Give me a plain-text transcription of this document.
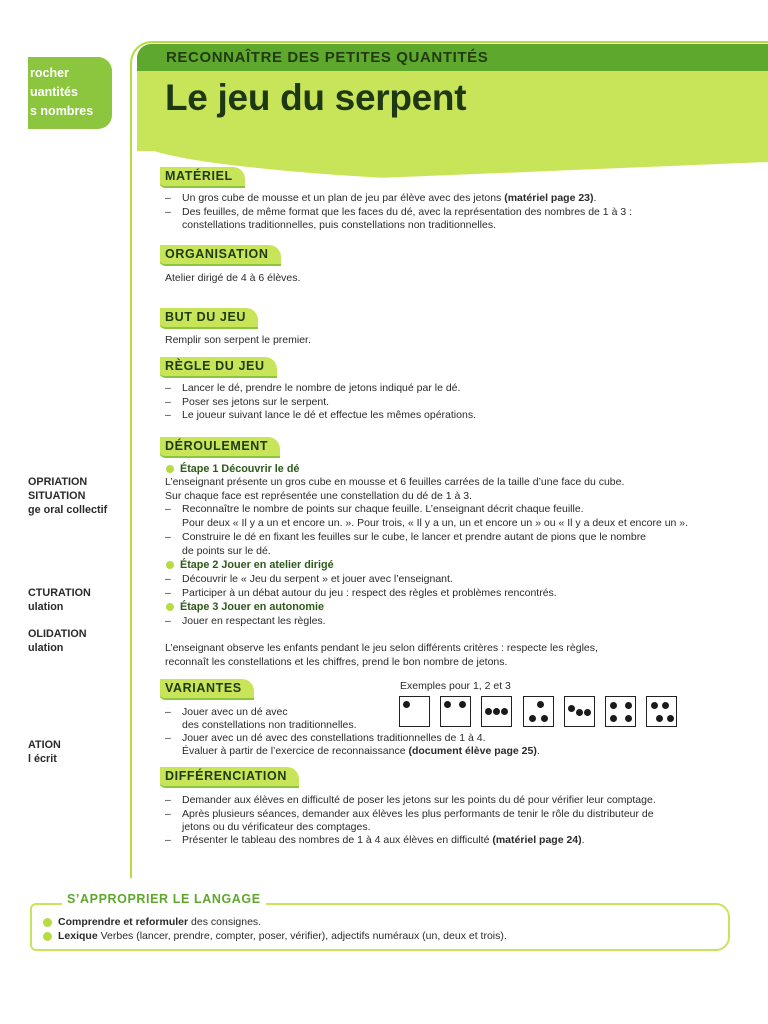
rocher
uantités
s nombres
RECONNAÎTRE DES PETITES QUANTITÉS
Le jeu du serpent
MATÉRIEL
– Un gros cube de mousse et un plan de jeu par élève avec des jetons (matériel page 23).
– Des feuilles, de même format que les faces du dé, avec la représentation des nombres de 1 à 3 :
constellations traditionnelles, puis constellations non traditionnelles.
ORGANISATION
Atelier dirigé de 4 à 6 élèves.
BUT DU JEU
Remplir son serpent le premier.
RÈGLE DU JEU
– Lancer le dé, prendre le nombre de jetons indiqué par le dé.
– Poser ses jetons sur le serpent.
– Le joueur suivant lance le dé et effectue les mêmes opérations.
DÉROULEMENT
Étape 1 Découvrir le dé
L’enseignant présente un gros cube en mousse et 6 feuilles carrées de la taille d’une face du cube.
Sur chaque face est représentée une constellation du dé de 1 à 3.
– Reconnaître le nombre de points sur chaque feuille. L’enseignant décrit chaque feuille.
Pour deux « Il y a un et encore un. ». Pour trois, « Il y a un, un et encore un » ou « Il y a deux et encore un ».
– Construire le dé en fixant les feuilles sur le cube, le lancer et prendre autant de pions que le nombre
de points sur le dé.
Étape 2 Jouer en atelier dirigé
– Découvrir le « Jeu du serpent » et jouer avec l’enseignant.
– Participer à un débat autour du jeu : respect des règles et problèmes rencontrés.
Étape 3 Jouer en autonomie
– Jouer en respectant les règles.
L’enseignant observe les enfants pendant le jeu selon différents critères : respecte les règles,
reconnaît les constellations et les chiffres, prend le bon nombre de jetons.
VARIANTES	Exemples pour 1, 2 et 3
– Jouer avec un dé avec
des constellations non traditionnelles.
– Jouer avec un dé avec des constellations traditionnelles de 1 à 4.
Évaluer à partir de l’exercice de reconnaissance (document élève page 25).
DIFFÉRENCIATION
– Demander aux élèves en difficulté de poser les jetons sur les points du dé pour vérifier leur comptage.
– Après plusieurs séances, demander aux élèves les plus performants de tenir le rôle du distributeur de
jetons ou du vérificateur des comptages.
– Présenter le tableau des nombres de 1 à 4 aux élèves en difficulté (matériel page 24).
OPRIATION
SITUATION
ge oral collectif
CTURATION
ulation
OLIDATION
ulation
ATION
l écrit
S’APPROPRIER LE LANGAGE
Comprendre et reformuler des consignes.
Lexique Verbes (lancer, prendre, compter, poser, vérifier), adjectifs numéraux (un, deux et trois).
